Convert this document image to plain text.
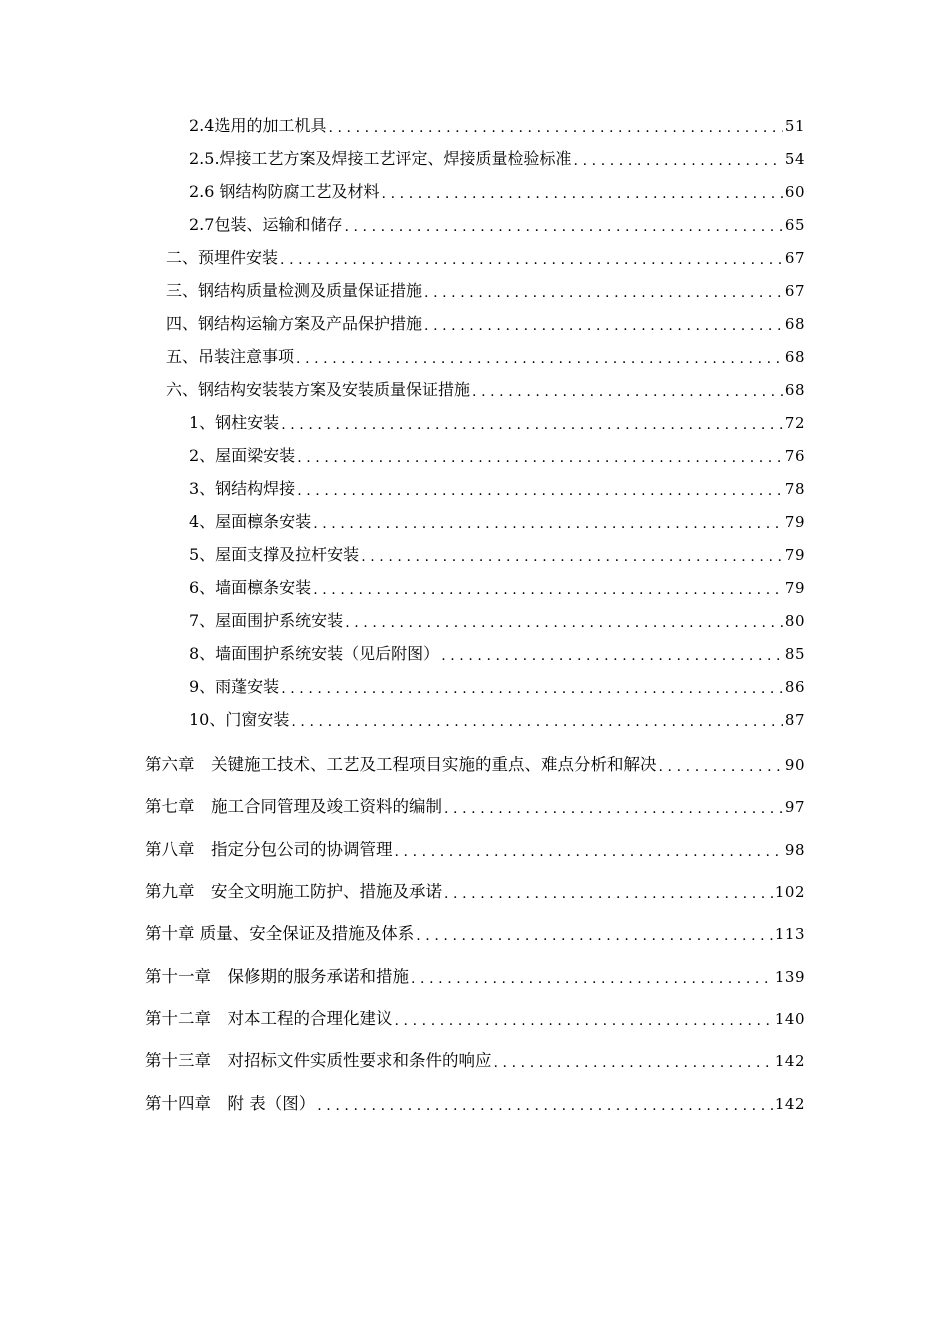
2.4选用的加工机具 .....	51
2.5.焊接工艺方案及焊接工艺评定、焊接质量检验标准 .....	54
2.6 钢结构防腐工艺及材料 .....	60
2.7包装、运输和储存 .....	65
二、预埋件安装 .....	67
三、钢结构质量检测及质量保证措施 .....	67
四、钢结构运输方案及产品保护措施 .....	68
五、吊装注意事项 .....	68
六、钢结构安装装方案及安装质量保证措施 .....	68
1、钢柱安装 .....	72
2、屋面梁安装 .....	76
3、钢结构焊接 .....	78
4、屋面檩条安装 .....	79
5、屋面支撑及拉杆安装 .....	79
6、墙面檩条安装 .....	79
7、屋面围护系统安装 .....	80
8、墙面围护系统安装（见后附图） .....	85
9、雨蓬安装 .....	86
10、门窗安装 .....	87
第六章　关键施工技术、工艺及工程项目实施的重点、难点分析和解决 .....	90
第七章　施工合同管理及竣工资料的编制 .....	97
第八章　指定分包公司的协调管理 .....	98
第九章　安全文明施工防护、措施及承诺 .....	102
第十章 质量、安全保证及措施及体系 .....	113
第十一章　保修期的服务承诺和措施 .....	139
第十二章　对本工程的合理化建议 .....	140
第十三章　对招标文件实质性要求和条件的响应 .....	142
第十四章　附 表（图） .....	142
